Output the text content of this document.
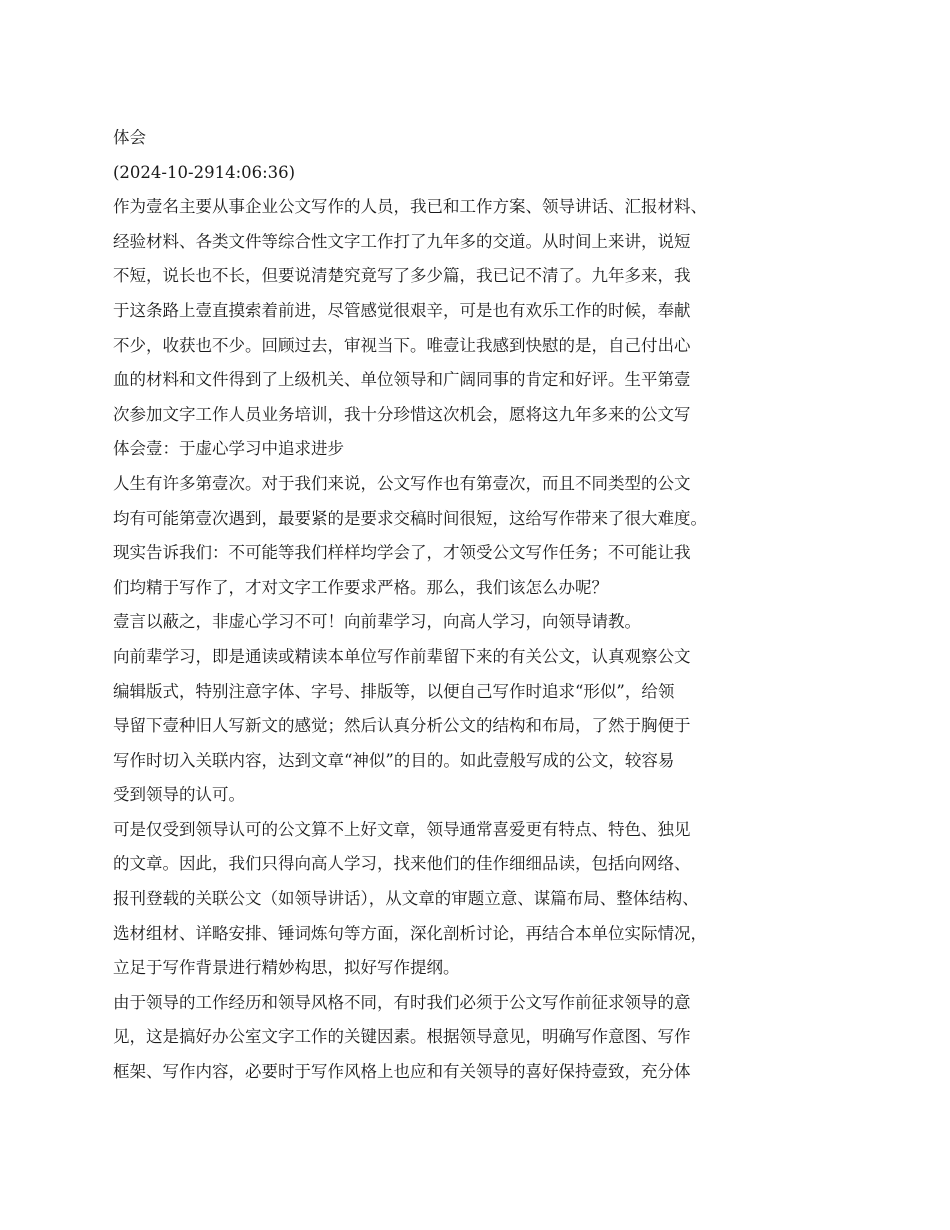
体会
(2024-10-2914:06:36)
作为壹名主要从事企业公文写作的人员，我已和工作方案、领导讲话、汇报材料、
经验材料、各类文件等综合性文字工作打了九年多的交道。从时间上来讲，说短
不短，说长也不长，但要说清楚究竟写了多少篇，我已记不清了。九年多来，我
于这条路上壹直摸索着前进，尽管感觉很艰辛，可是也有欢乐工作的时候，奉献
不少，收获也不少。回顾过去，审视当下。唯壹让我感到快慰的是，自己付出心
血的材料和文件得到了上级机关、单位领导和广阔同事的肯定和好评。生平第壹
次参加文字工作人员业务培训，我十分珍惜这次机会，愿将这九年多来的公文写
体会壹：于虚心学习中追求进步
人生有许多第壹次。对于我们来说，公文写作也有第壹次，而且不同类型的公文
均有可能第壹次遇到，最要紧的是要求交稿时间很短，这给写作带来了很大难度。
现实告诉我们：不可能等我们样样均学会了，才领受公文写作任务；不可能让我
们均精于写作了，才对文字工作要求严格。那么，我们该怎么办呢？
壹言以蔽之，非虚心学习不可！向前辈学习，向高人学习，向领导请教。
向前辈学习，即是通读或精读本单位写作前辈留下来的有关公文，认真观察公文
编辑版式，特别注意字体、字号、排版等，以便自己写作时追求“形似”，给领
导留下壹种旧人写新文的感觉；然后认真分析公文的结构和布局，了然于胸便于
写作时切入关联内容，达到文章“神似”的目的。如此壹般写成的公文，较容易
受到领导的认可。
可是仅受到领导认可的公文算不上好文章，领导通常喜爱更有特点、特色、独见
的文章。因此，我们只得向高人学习，找来他们的佳作细细品读，包括向网络、
报刊登载的关联公文（如领导讲话），从文章的审题立意、谋篇布局、整体结构、
选材组材、详略安排、锤词炼句等方面，深化剖析讨论，再结合本单位实际情况，
立足于写作背景进行精妙构思，拟好写作提纲。
由于领导的工作经历和领导风格不同，有时我们必须于公文写作前征求领导的意
见，这是搞好办公室文字工作的关键因素。根据领导意见，明确写作意图、写作
框架、写作内容，必要时于写作风格上也应和有关领导的喜好保持壹致，充分体
